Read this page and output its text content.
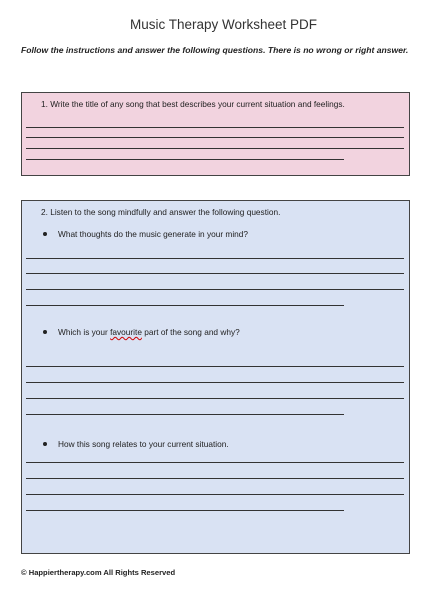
Music Therapy Worksheet PDF
Follow the instructions and answer the following questions. There is no wrong or right answer.
1. Write the title of any song that best describes your current situation and feelings.
2. Listen to the song mindfully and answer the following question.
What thoughts do the music generate in your mind?
Which is your favourite part of the song and why?
How this song relates to your current situation.
© Happiertherapy.com All Rights Reserved
